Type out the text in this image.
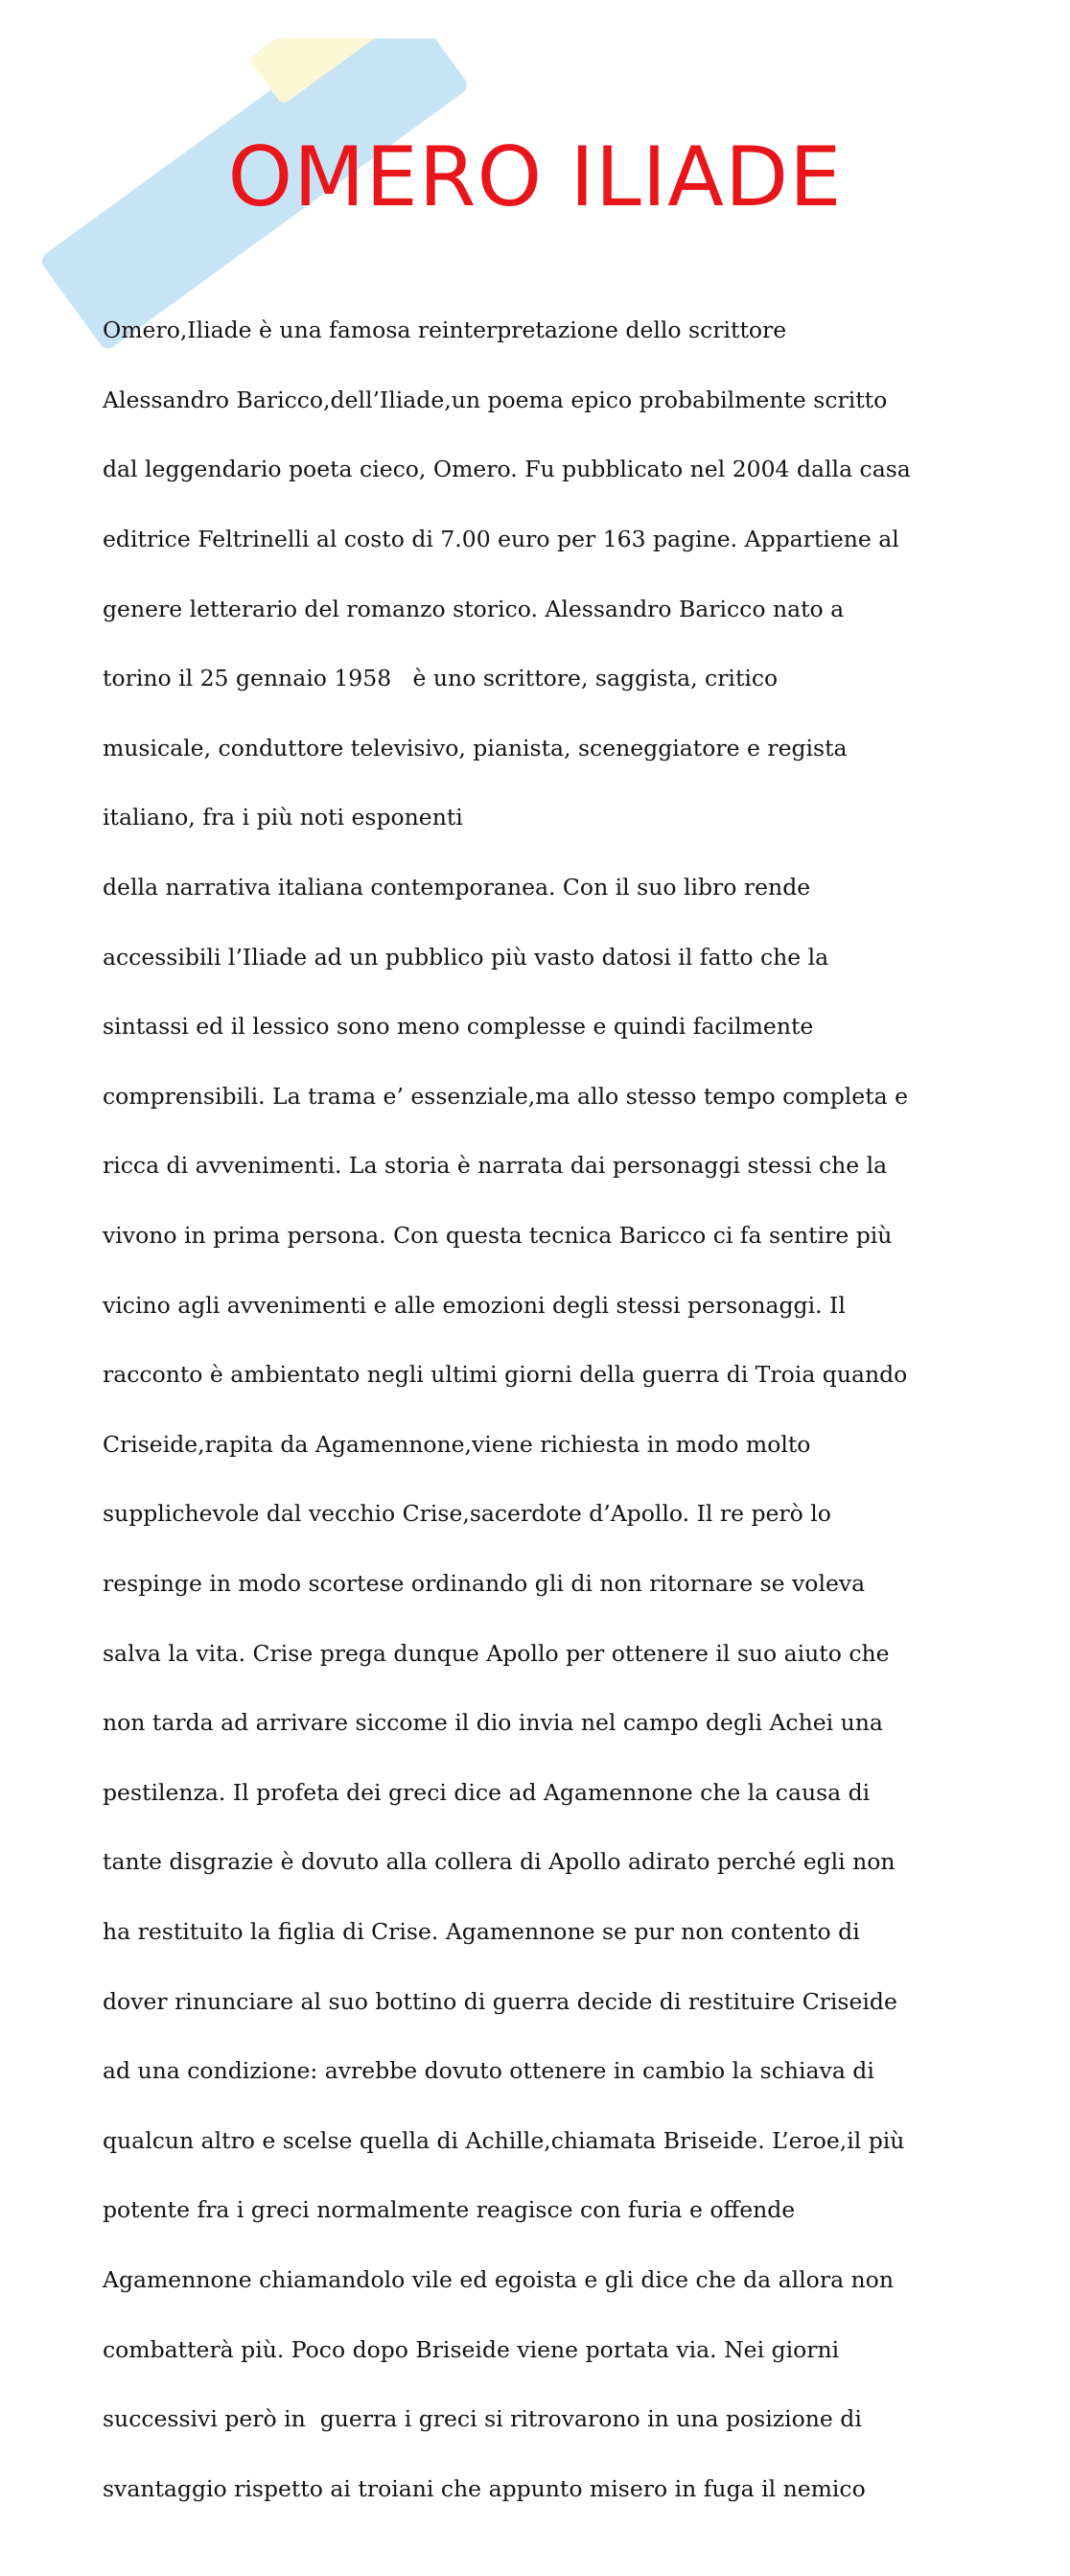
OMERO ILIADE

Omero,Iliade è una famosa reinterpretazione dello scrittore

Alessandro Baricco,dell’Iliade,un poema epico probabilmente scritto

dal leggendario poeta cieco, Omero. Fu pubblicato nel 2004 dalla casa

editrice Feltrinelli al costo di 7.00 euro per 163 pagine. Appartiene al

genere letterario del romanzo storico. Alessandro Baricco nato a

torino il 25 gennaio 1958   è uno scrittore, saggista, critico

musicale, conduttore televisivo, pianista, sceneggiatore e regista

italiano, fra i più noti esponenti

della narrativa italiana contemporanea. Con il suo libro rende

accessibili l’Iliade ad un pubblico più vasto datosi il fatto che la

sintassi ed il lessico sono meno complesse e quindi facilmente

comprensibili. La trama e’ essenziale,ma allo stesso tempo completa e

ricca di avvenimenti. La storia è narrata dai personaggi stessi che la

vivono in prima persona. Con questa tecnica Baricco ci fa sentire più

vicino agli avvenimenti e alle emozioni degli stessi personaggi. Il

racconto è ambientato negli ultimi giorni della guerra di Troia quando

Criseide,rapita da Agamennone,viene richiesta in modo molto

supplichevole dal vecchio Crise,sacerdote d’Apollo. Il re però lo

respinge in modo scortese ordinando gli di non ritornare se voleva

salva la vita. Crise prega dunque Apollo per ottenere il suo aiuto che

non tarda ad arrivare siccome il dio invia nel campo degli Achei una

pestilenza. Il profeta dei greci dice ad Agamennone che la causa di

tante disgrazie è dovuto alla collera di Apollo adirato perché egli non

ha restituito la figlia di Crise. Agamennone se pur non contento di

dover rinunciare al suo bottino di guerra decide di restituire Criseide

ad una condizione: avrebbe dovuto ottenere in cambio la schiava di

qualcun altro e scelse quella di Achille,chiamata Briseide. L’eroe,il più

potente fra i greci normalmente reagisce con furia e offende

Agamennone chiamandolo vile ed egoista e gli dice che da allora non

combatterà più. Poco dopo Briseide viene portata via. Nei giorni

successivi però in  guerra i greci si ritrovarono in una posizione di

svantaggio rispetto ai troiani che appunto misero in fuga il nemico
